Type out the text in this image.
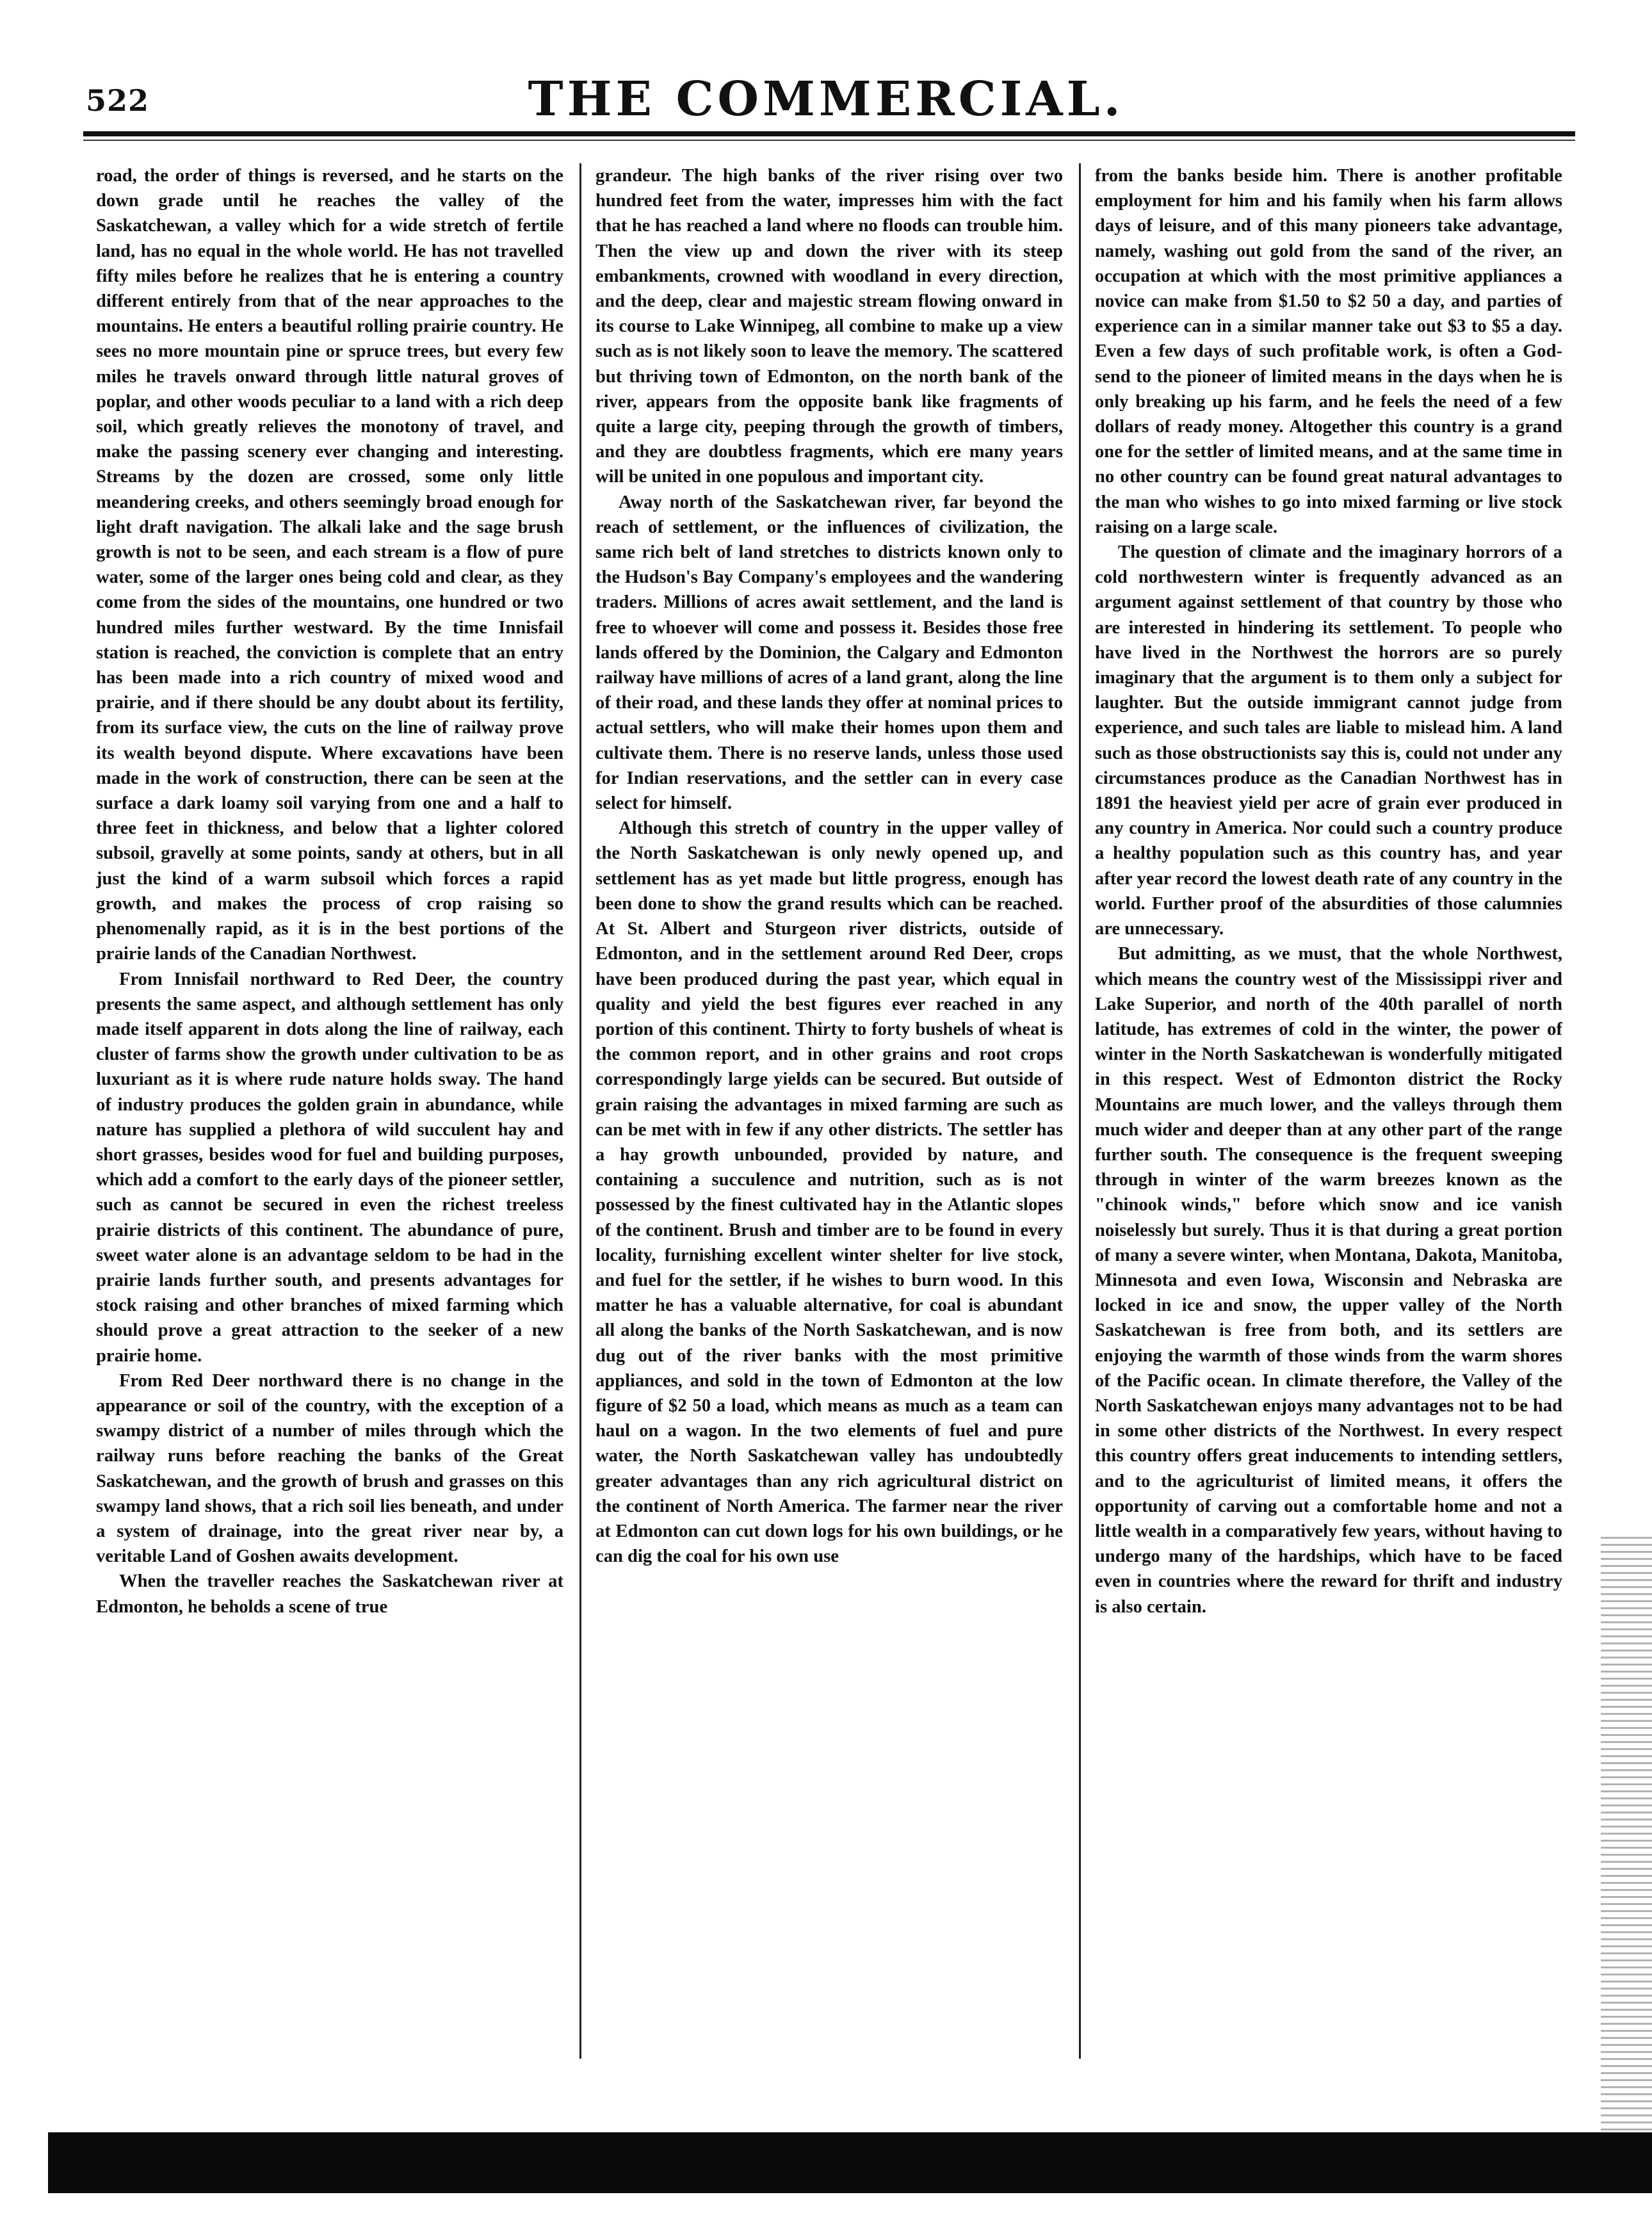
522	THE COMMERCIAL.

road, the order of things is reversed, and he starts on the down grade until he reaches the valley of the Saskatchewan, a valley which for a wide stretch of fertile land, has no equal in the whole world. He has not travelled fifty miles before he realizes that he is entering a country different entirely from that of the near approaches to the mountains. He enters a beautiful rolling prairie country. He sees no more mountain pine or spruce trees, but every few miles he travels onward through little natural groves of poplar, and other woods peculiar to a land with a rich deep soil, which greatly relieves the monotony of travel, and make the passing scenery ever changing and interesting. Streams by the dozen are crossed, some only little meandering creeks, and others seemingly broad enough for light draft navigation. The alkali lake and the sage brush growth is not to be seen, and each stream is a flow of pure water, some of the larger ones being cold and clear, as they come from the sides of the mountains, one hundred or two hundred miles further westward. By the time Innisfail station is reached, the conviction is complete that an entry has been made into a rich country of mixed wood and prairie, and if there should be any doubt about its fertility, from its surface view, the cuts on the line of railway prove its wealth beyond dispute. Where excavations have been made in the work of construction, there can be seen at the surface a dark loamy soil varying from one and a half to three feet in thickness, and below that a lighter colored subsoil, gravelly at some points, sandy at others, but in all just the kind of a warm subsoil which forces a rapid growth, and makes the process of crop raising so phenomenally rapid, as it is in the best portions of the prairie lands of the Canadian Northwest.

From Innisfail northward to Red Deer, the country presents the same aspect, and although settlement has only made itself apparent in dots along the line of railway, each cluster of farms show the growth under cultivation to be as luxuriant as it is where rude nature holds sway. The hand of industry produces the golden grain in abundance, while nature has supplied a plethora of wild succulent hay and short grasses, besides wood for fuel and building purposes, which add a comfort to the early days of the pioneer settler, such as cannot be secured in even the richest treeless prairie districts of this continent. The abundance of pure, sweet water alone is an advantage seldom to be had in the prairie lands further south, and presents advantages for stock raising and other branches of mixed farming which should prove a great attraction to the seeker of a new prairie home.

From Red Deer northward there is no change in the appearance or soil of the country, with the exception of a swampy district of a number of miles through which the railway runs before reaching the banks of the Great Saskatchewan, and the growth of brush and grasses on this swampy land shows, that a rich soil lies beneath, and under a system of drainage, into the great river near by, a veritable Land of Goshen awaits development.

When the traveller reaches the Saskatchewan river at Edmonton, he beholds a scene of true

grandeur. The high banks of the river rising over two hundred feet from the water, impresses him with the fact that he has reached a land where no floods can trouble him. Then the view up and down the river with its steep embankments, crowned with woodland in every direction, and the deep, clear and majestic stream flowing onward in its course to Lake Winnipeg, all combine to make up a view such as is not likely soon to leave the memory. The scattered but thriving town of Edmonton, on the north bank of the river, appears from the opposite bank like fragments of quite a large city, peeping through the growth of timbers, and they are doubtless fragments, which ere many years will be united in one populous and important city.

Away north of the Saskatchewan river, far beyond the reach of settlement, or the influences of civilization, the same rich belt of land stretches to districts known only to the Hudson's Bay Company's employees and the wandering traders. Millions of acres await settlement, and the land is free to whoever will come and possess it. Besides those free lands offered by the Dominion, the Calgary and Edmonton railway have millions of acres of a land grant, along the line of their road, and these lands they offer at nominal prices to actual settlers, who will make their homes upon them and cultivate them. There is no reserve lands, unless those used for Indian reservations, and the settler can in every case select for himself.

Although this stretch of country in the upper valley of the North Saskatchewan is only newly opened up, and settlement has as yet made but little progress, enough has been done to show the grand results which can be reached. At St. Albert and Sturgeon river districts, outside of Edmonton, and in the settlement around Red Deer, crops have been produced during the past year, which equal in quality and yield the best figures ever reached in any portion of this continent. Thirty to forty bushels of wheat is the common report, and in other grains and root crops correspondingly large yields can be secured. But outside of grain raising the advantages in mixed farming are such as can be met with in few if any other districts. The settler has a hay growth unbounded, provided by nature, and containing a succulence and nutrition, such as is not possessed by the finest cultivated hay in the Atlantic slopes of the continent. Brush and timber are to be found in every locality, furnishing excellent winter shelter for live stock, and fuel for the settler, if he wishes to burn wood. In this matter he has a valuable alternative, for coal is abundant all along the banks of the North Saskatchewan, and is now dug out of the river banks with the most primitive appliances, and sold in the town of Edmonton at the low figure of $2 50 a load, which means as much as a team can haul on a wagon. In the two elements of fuel and pure water, the North Saskatchewan valley has undoubtedly greater advantages than any rich agricultural district on the continent of North America. The farmer near the river at Edmonton can cut down logs for his own buildings, or he can dig the coal for his own use

from the banks beside him. There is another profitable employment for him and his family when his farm allows days of leisure, and of this many pioneers take advantage, namely, washing out gold from the sand of the river, an occupation at which with the most primitive appliances a novice can make from $1.50 to $2 50 a day, and parties of experience can in a similar manner take out $3 to $5 a day. Even a few days of such profitable work, is often a God-send to the pioneer of limited means in the days when he is only breaking up his farm, and he feels the need of a few dollars of ready money. Altogether this country is a grand one for the settler of limited means, and at the same time in no other country can be found great natural advantages to the man who wishes to go into mixed farming or live stock raising on a large scale.

The question of climate and the imaginary horrors of a cold northwestern winter is frequently advanced as an argument against settlement of that country by those who are interested in hindering its settlement. To people who have lived in the Northwest the horrors are so purely imaginary that the argument is to them only a subject for laughter. But the outside immigrant cannot judge from experience, and such tales are liable to mislead him. A land such as those obstructionists say this is, could not under any circumstances produce as the Canadian Northwest has in 1891 the heaviest yield per acre of grain ever produced in any country in America. Nor could such a country produce a healthy population such as this country has, and year after year record the lowest death rate of any country in the world. Further proof of the absurdities of those calumnies are unnecessary.

But admitting, as we must, that the whole Northwest, which means the country west of the Mississippi river and Lake Superior, and north of the 40th parallel of north latitude, has extremes of cold in the winter, the power of winter in the North Saskatchewan is wonderfully mitigated in this respect. West of Edmonton district the Rocky Mountains are much lower, and the valleys through them much wider and deeper than at any other part of the range further south. The consequence is the frequent sweeping through in winter of the warm breezes known as the "chinook winds," before which snow and ice vanish noiselessly but surely. Thus it is that during a great portion of many a severe winter, when Montana, Dakota, Manitoba, Minnesota and even Iowa, Wisconsin and Nebraska are locked in ice and snow, the upper valley of the North Saskatchewan is free from both, and its settlers are enjoying the warmth of those winds from the warm shores of the Pacific ocean. In climate therefore, the Valley of the North Saskatchewan enjoys many advantages not to be had in some other districts of the Northwest. In every respect this country offers great inducements to intending settlers, and to the agriculturist of limited means, it offers the opportunity of carving out a comfortable home and not a little wealth in a comparatively few years, without having to undergo many of the hardships, which have to be faced even in countries where the reward for thrift and industry is also certain.
